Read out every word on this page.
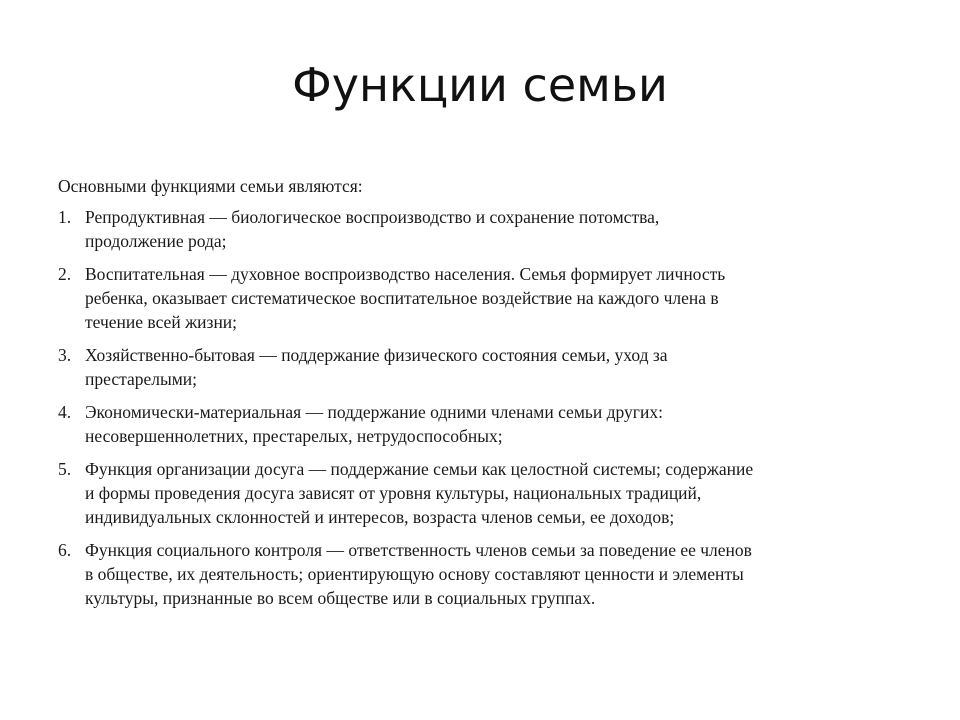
Функции семьи
Основными функциями семьи являются:
1. Репродуктивная — биологическое воспроизводство и сохранение потомства,
продолжение рода;
2. Воспитательная — духовное воспроизводство населения. Семья формирует личность
ребенка, оказывает систематическое воспитательное воздействие на каждого члена в
течение всей жизни;
3. Хозяйственно-бытовая — поддержание физического состояния семьи, уход за
престарелыми;
4. Экономически-материальная — поддержание одними членами семьи других:
несовершеннолетних, престарелых, нетрудоспособных;
5. Функция организации досуга — поддержание семьи как целостной системы; содержание
и формы проведения досуга зависят от уровня культуры, национальных традиций,
индивидуальных склонностей и интересов, возраста членов семьи, ее доходов;
6. Функция социального контроля — ответственность членов семьи за поведение ее членов
в обществе, их деятельность; ориентирующую основу составляют ценности и элементы
культуры, признанные во всем обществе или в социальных группах.
